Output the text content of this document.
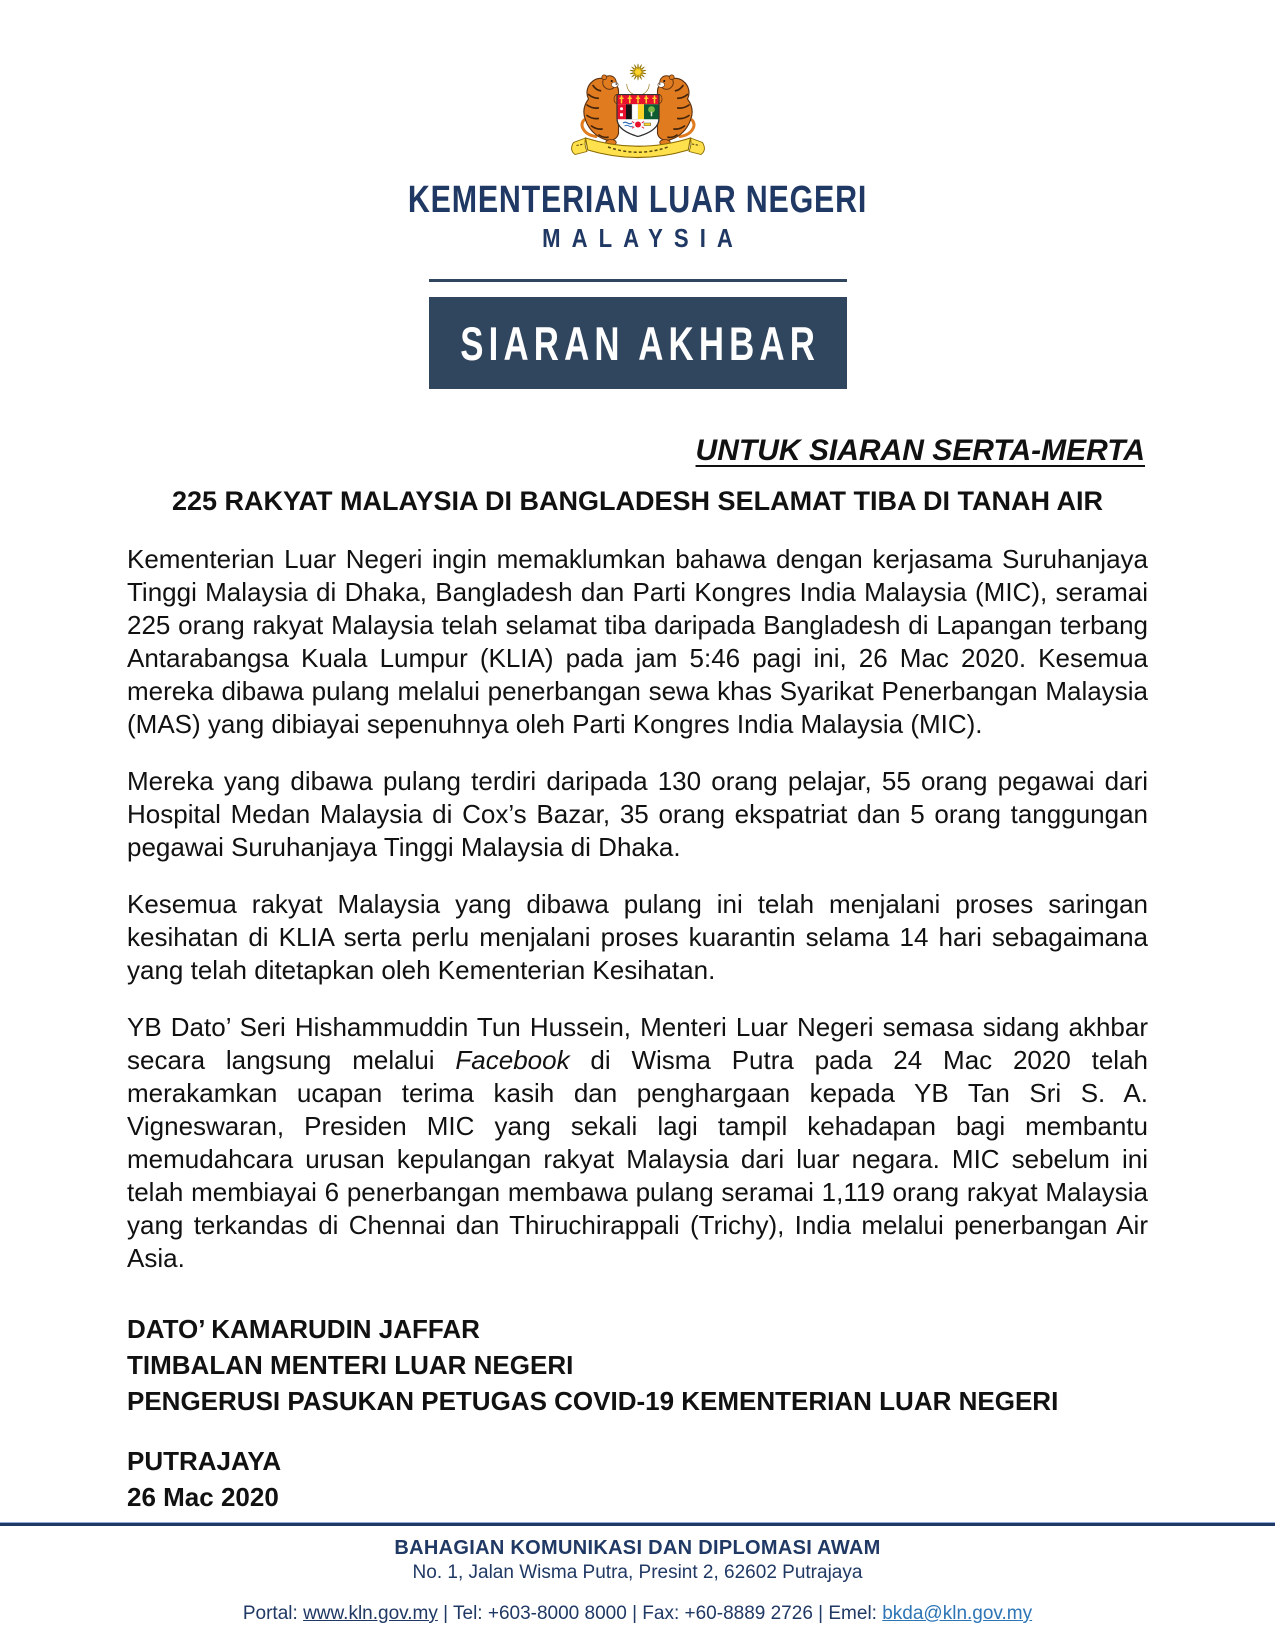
KEMENTERIAN LUAR NEGERI
MALAYSIA
SIARAN AKHBAR
UNTUK SIARAN SERTA-MERTA
225 RAKYAT MALAYSIA DI BANGLADESH SELAMAT TIBA DI TANAH AIR

Kementerian Luar Negeri ingin memaklumkan bahawa dengan kerjasama Suruhanjaya Tinggi Malaysia di Dhaka, Bangladesh dan Parti Kongres India Malaysia (MIC), seramai 225 orang rakyat Malaysia telah selamat tiba daripada Bangladesh di Lapangan terbang Antarabangsa Kuala Lumpur (KLIA) pada jam 5:46 pagi ini, 26 Mac 2020. Kesemua mereka dibawa pulang melalui penerbangan sewa khas Syarikat Penerbangan Malaysia (MAS) yang dibiayai sepenuhnya oleh Parti Kongres India Malaysia (MIC).

Mereka yang dibawa pulang terdiri daripada 130 orang pelajar, 55 orang pegawai dari Hospital Medan Malaysia di Cox’s Bazar, 35 orang ekspatriat dan 5 orang tanggungan pegawai Suruhanjaya Tinggi Malaysia di Dhaka.

Kesemua rakyat Malaysia yang dibawa pulang ini telah menjalani proses saringan kesihatan di KLIA serta perlu menjalani proses kuarantin selama 14 hari sebagaimana yang telah ditetapkan oleh Kementerian Kesihatan.

YB Dato’ Seri Hishammuddin Tun Hussein, Menteri Luar Negeri semasa sidang akhbar secara langsung melalui Facebook di Wisma Putra pada 24 Mac 2020 telah merakamkan ucapan terima kasih dan penghargaan kepada YB Tan Sri S. A. Vigneswaran, Presiden MIC yang sekali lagi tampil kehadapan bagi membantu memudahcara urusan kepulangan rakyat Malaysia dari luar negara. MIC sebelum ini telah membiayai 6 penerbangan membawa pulang seramai 1,119 orang rakyat Malaysia yang terkandas di Chennai dan Thiruchirappali (Trichy), India melalui penerbangan Air Asia.

DATO’ KAMARUDIN JAFFAR
TIMBALAN MENTERI LUAR NEGERI
PENGERUSI PASUKAN PETUGAS COVID-19 KEMENTERIAN LUAR NEGERI
PUTRAJAYA
26 Mac 2020
BAHAGIAN KOMUNIKASI DAN DIPLOMASI AWAM
No. 1, Jalan Wisma Putra, Presint 2, 62602 Putrajaya
Portal: www.kln.gov.my | Tel: +603-8000 8000 | Fax: +60-8889 2726 | Emel: bkda@kln.gov.my
